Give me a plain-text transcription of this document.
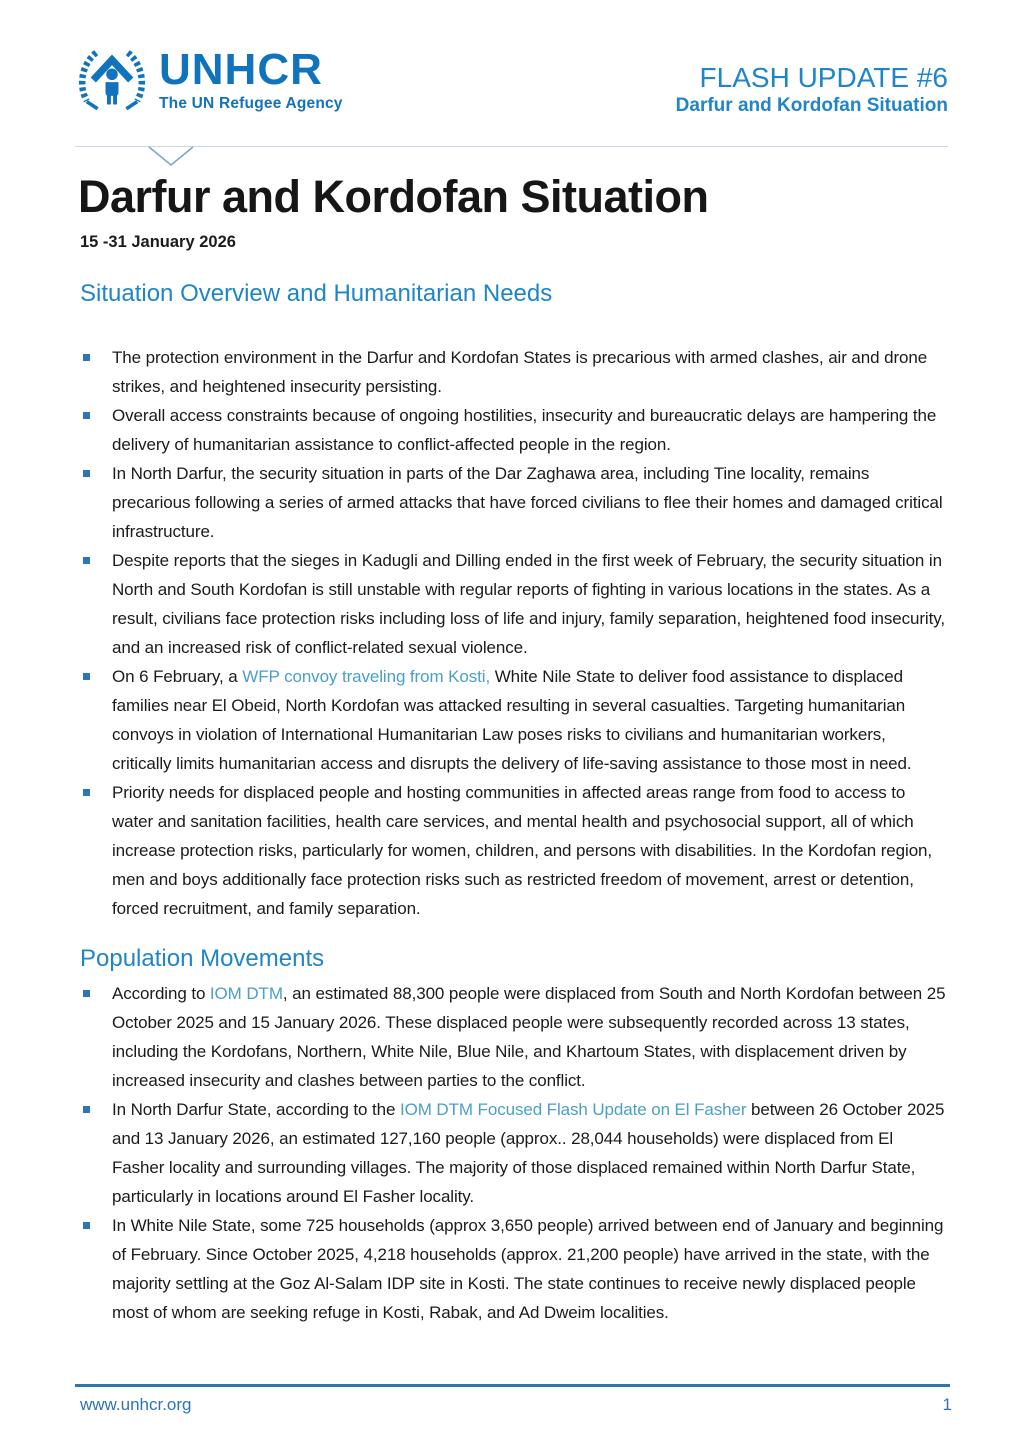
UNHCR
The UN Refugee Agency
FLASH UPDATE #6
Darfur and Kordofan Situation
Darfur and Kordofan Situation
15 -31 January 2026
Situation Overview and Humanitarian Needs
The protection environment in the Darfur and Kordofan States is precarious with armed clashes, air and drone strikes, and heightened insecurity persisting.
Overall access constraints because of ongoing hostilities, insecurity and bureaucratic delays are hampering the delivery of humanitarian assistance to conflict-affected people in the region.
In North Darfur, the security situation in parts of the Dar Zaghawa area, including Tine locality, remains precarious following a series of armed attacks that have forced civilians to flee their homes and damaged critical infrastructure.
Despite reports that the sieges in Kadugli and Dilling ended in the first week of February, the security situation in North and South Kordofan is still unstable with regular reports of fighting in various locations in the states. As a result, civilians face protection risks including loss of life and injury, family separation, heightened food insecurity, and an increased risk of conflict-related sexual violence.
On 6 February, a WFP convoy traveling from Kosti, White Nile State to deliver food assistance to displaced families near El Obeid, North Kordofan was attacked resulting in several casualties. Targeting humanitarian convoys in violation of International Humanitarian Law poses risks to civilians and humanitarian workers, critically limits humanitarian access and disrupts the delivery of life-saving assistance to those most in need.
Priority needs for displaced people and hosting communities in affected areas range from food to access to water and sanitation facilities, health care services, and mental health and psychosocial support, all of which increase protection risks, particularly for women, children, and persons with disabilities. In the Kordofan region, men and boys additionally face protection risks such as restricted freedom of movement, arrest or detention, forced recruitment, and family separation.
Population Movements
According to IOM DTM, an estimated 88,300 people were displaced from South and North Kordofan between 25 October 2025 and 15 January 2026. These displaced people were subsequently recorded across 13 states, including the Kordofans, Northern, White Nile, Blue Nile, and Khartoum States, with displacement driven by increased insecurity and clashes between parties to the conflict.
In North Darfur State, according to the IOM DTM Focused Flash Update on El Fasher between 26 October 2025 and 13 January 2026, an estimated 127,160 people (approx.. 28,044 households) were displaced from El Fasher locality and surrounding villages. The majority of those displaced remained within North Darfur State, particularly in locations around El Fasher locality.
In White Nile State, some 725 households (approx 3,650 people) arrived between end of January and beginning of February. Since October 2025, 4,218 households (approx. 21,200 people) have arrived in the state, with the majority settling at the Goz Al-Salam IDP site in Kosti. The state continues to receive newly displaced people most of whom are seeking refuge in Kosti, Rabak, and Ad Dweim localities.
www.unhcr.org	1
